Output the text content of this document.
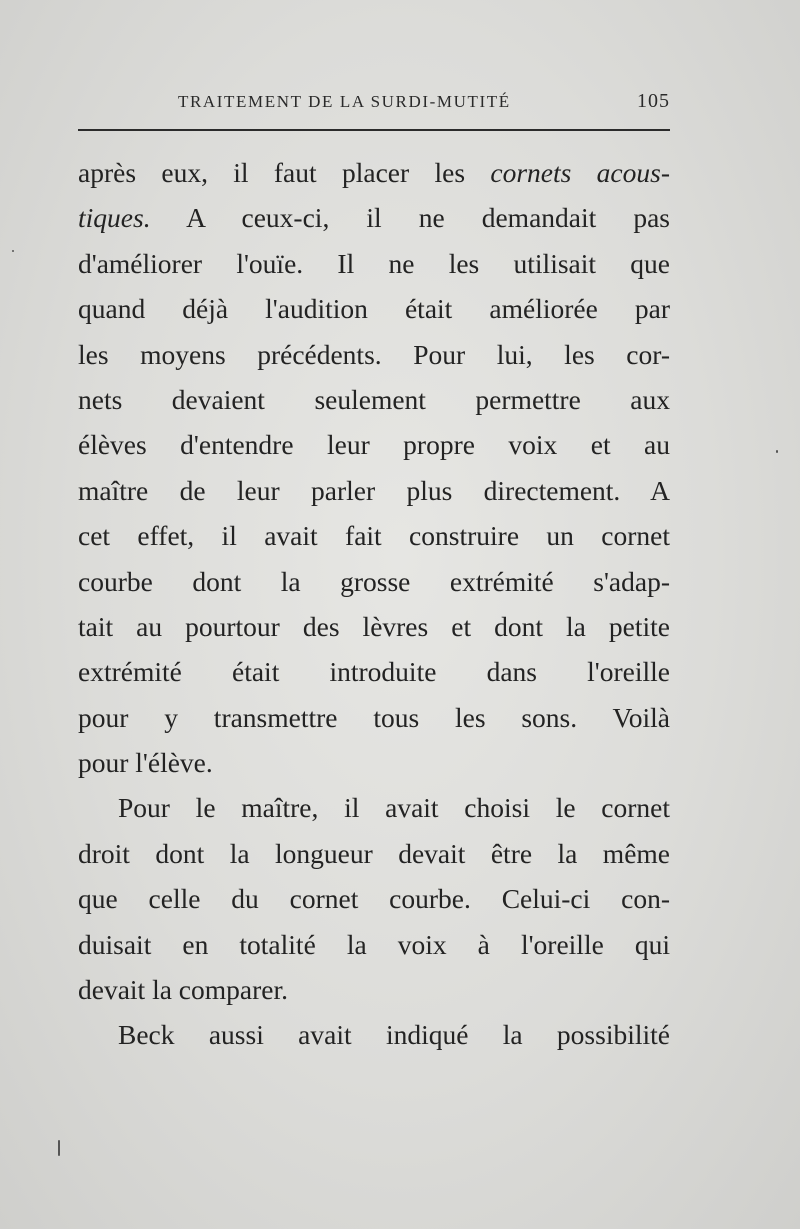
TRAITEMENT DE LA SURDI-MUTITÉ	105
après eux, il faut placer les cornets acous-
tiques. A ceux-ci, il ne demandait pas
d'améliorer l'ouïe. Il ne les utilisait que
quand déjà l'audition était améliorée par
les moyens précédents. Pour lui, les cor-
nets devaient seulement permettre aux
élèves d'entendre leur propre voix et au
maître de leur parler plus directement. A
cet effet, il avait fait construire un cornet
courbe dont la grosse extrémité s'adap-
tait au pourtour des lèvres et dont la petite
extrémité était introduite dans l'oreille
pour y transmettre tous les sons. Voilà
pour l'élève.
Pour le maître, il avait choisi le cornet
droit dont la longueur devait être la même
que celle du cornet courbe. Celui-ci con-
duisait en totalité la voix à l'oreille qui
devait la comparer.
Beck aussi avait indiqué la possibilité
